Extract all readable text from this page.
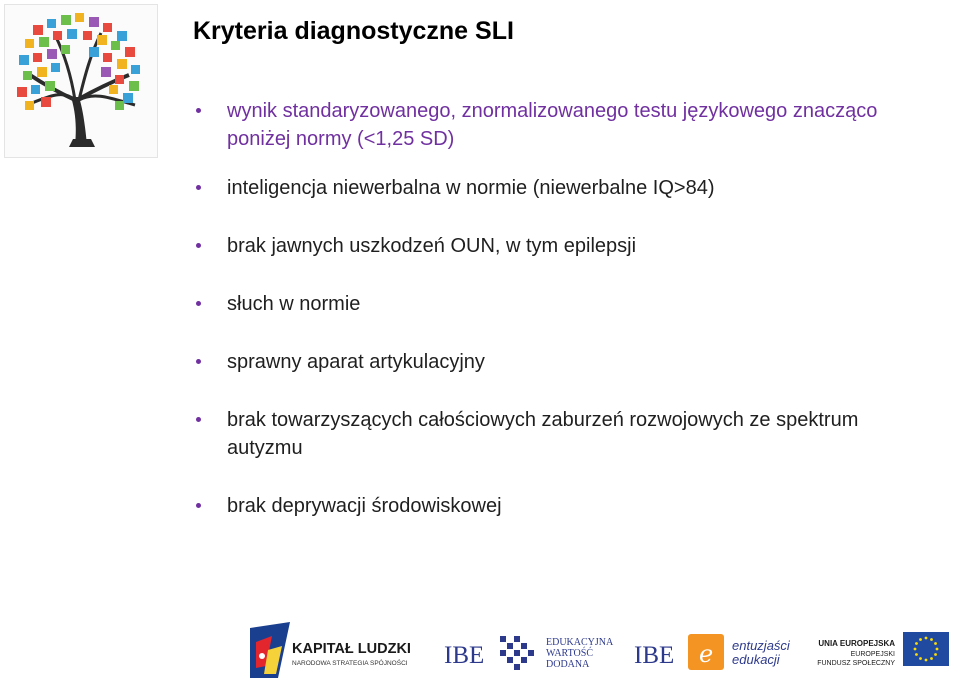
Kryteria diagnostyczne SLI
wynik standaryzowanego, znormalizowanego testu językowego znacząco poniżej normy (<1,25 SD)
inteligencja niewerbalna w normie (niewerbalne IQ>84)
brak jawnych uszkodzeń OUN, w tym epilepsji
słuch w normie
sprawny aparat artykulacyjny
brak towarzyszących całościowych zaburzeń rozwojowych ze spektrum autyzmu
brak deprywacji środowiskowej
KAPITAŁ LUDZKI
NARODOWA STRATEGIA SPÓJNOŚCI IBE	EDUKACYJNA
WARTOŚĆ
DODANA IBE e entuzjaści
edukacji
UNIA EUROPEJSKA
EUROPEJSKI
FUNDUSZ SPOŁECZNY
